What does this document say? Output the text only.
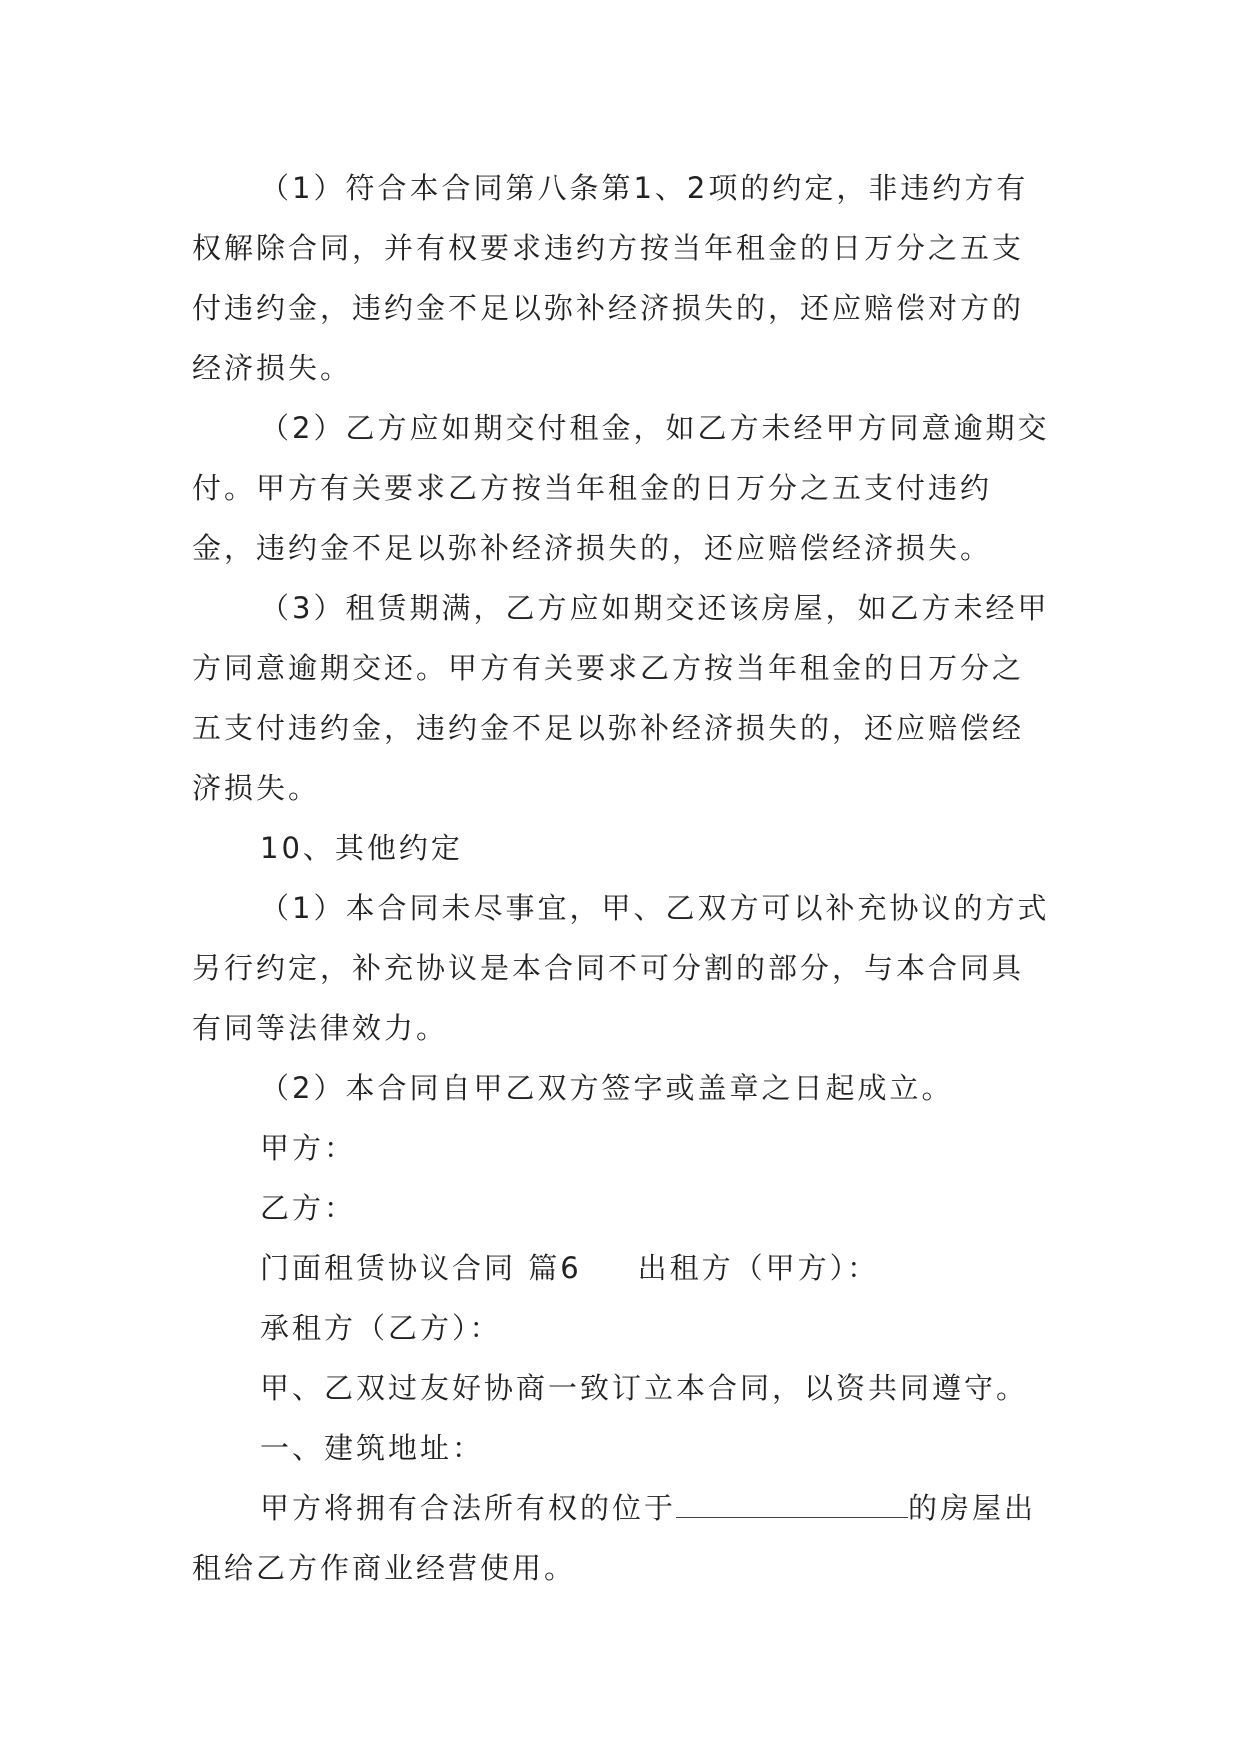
（1）符合本合同第八条第1、2项的约定，非违约方有权解除合同，并有权要求违约方按当年租金的日万分之五支付违约金，违约金不足以弥补经济损失的，还应赔偿对方的经济损失。

（2）乙方应如期交付租金，如乙方未经甲方同意逾期交付。甲方有关要求乙方按当年租金的日万分之五支付违约金，违约金不足以弥补经济损失的，还应赔偿经济损失。

（3）租赁期满，乙方应如期交还该房屋，如乙方未经甲方同意逾期交还。甲方有关要求乙方按当年租金的日万分之五支付违约金，违约金不足以弥补经济损失的，还应赔偿经济损失。

10、其他约定

（1）本合同未尽事宜，甲、乙双方可以补充协议的方式另行约定，补充协议是本合同不可分割的部分，与本合同具有同等法律效力。

（2）本合同自甲乙双方签字或盖章之日起成立。

甲方：

乙方：

门面租赁协议合同 篇6 出租方（甲方）：

承租方（乙方）：

甲、乙双过友好协商一致订立本合同，以资共同遵守。

一、建筑地址：

甲方将拥有合法所有权的位于	的房屋出租给乙方作商业经营使用。
